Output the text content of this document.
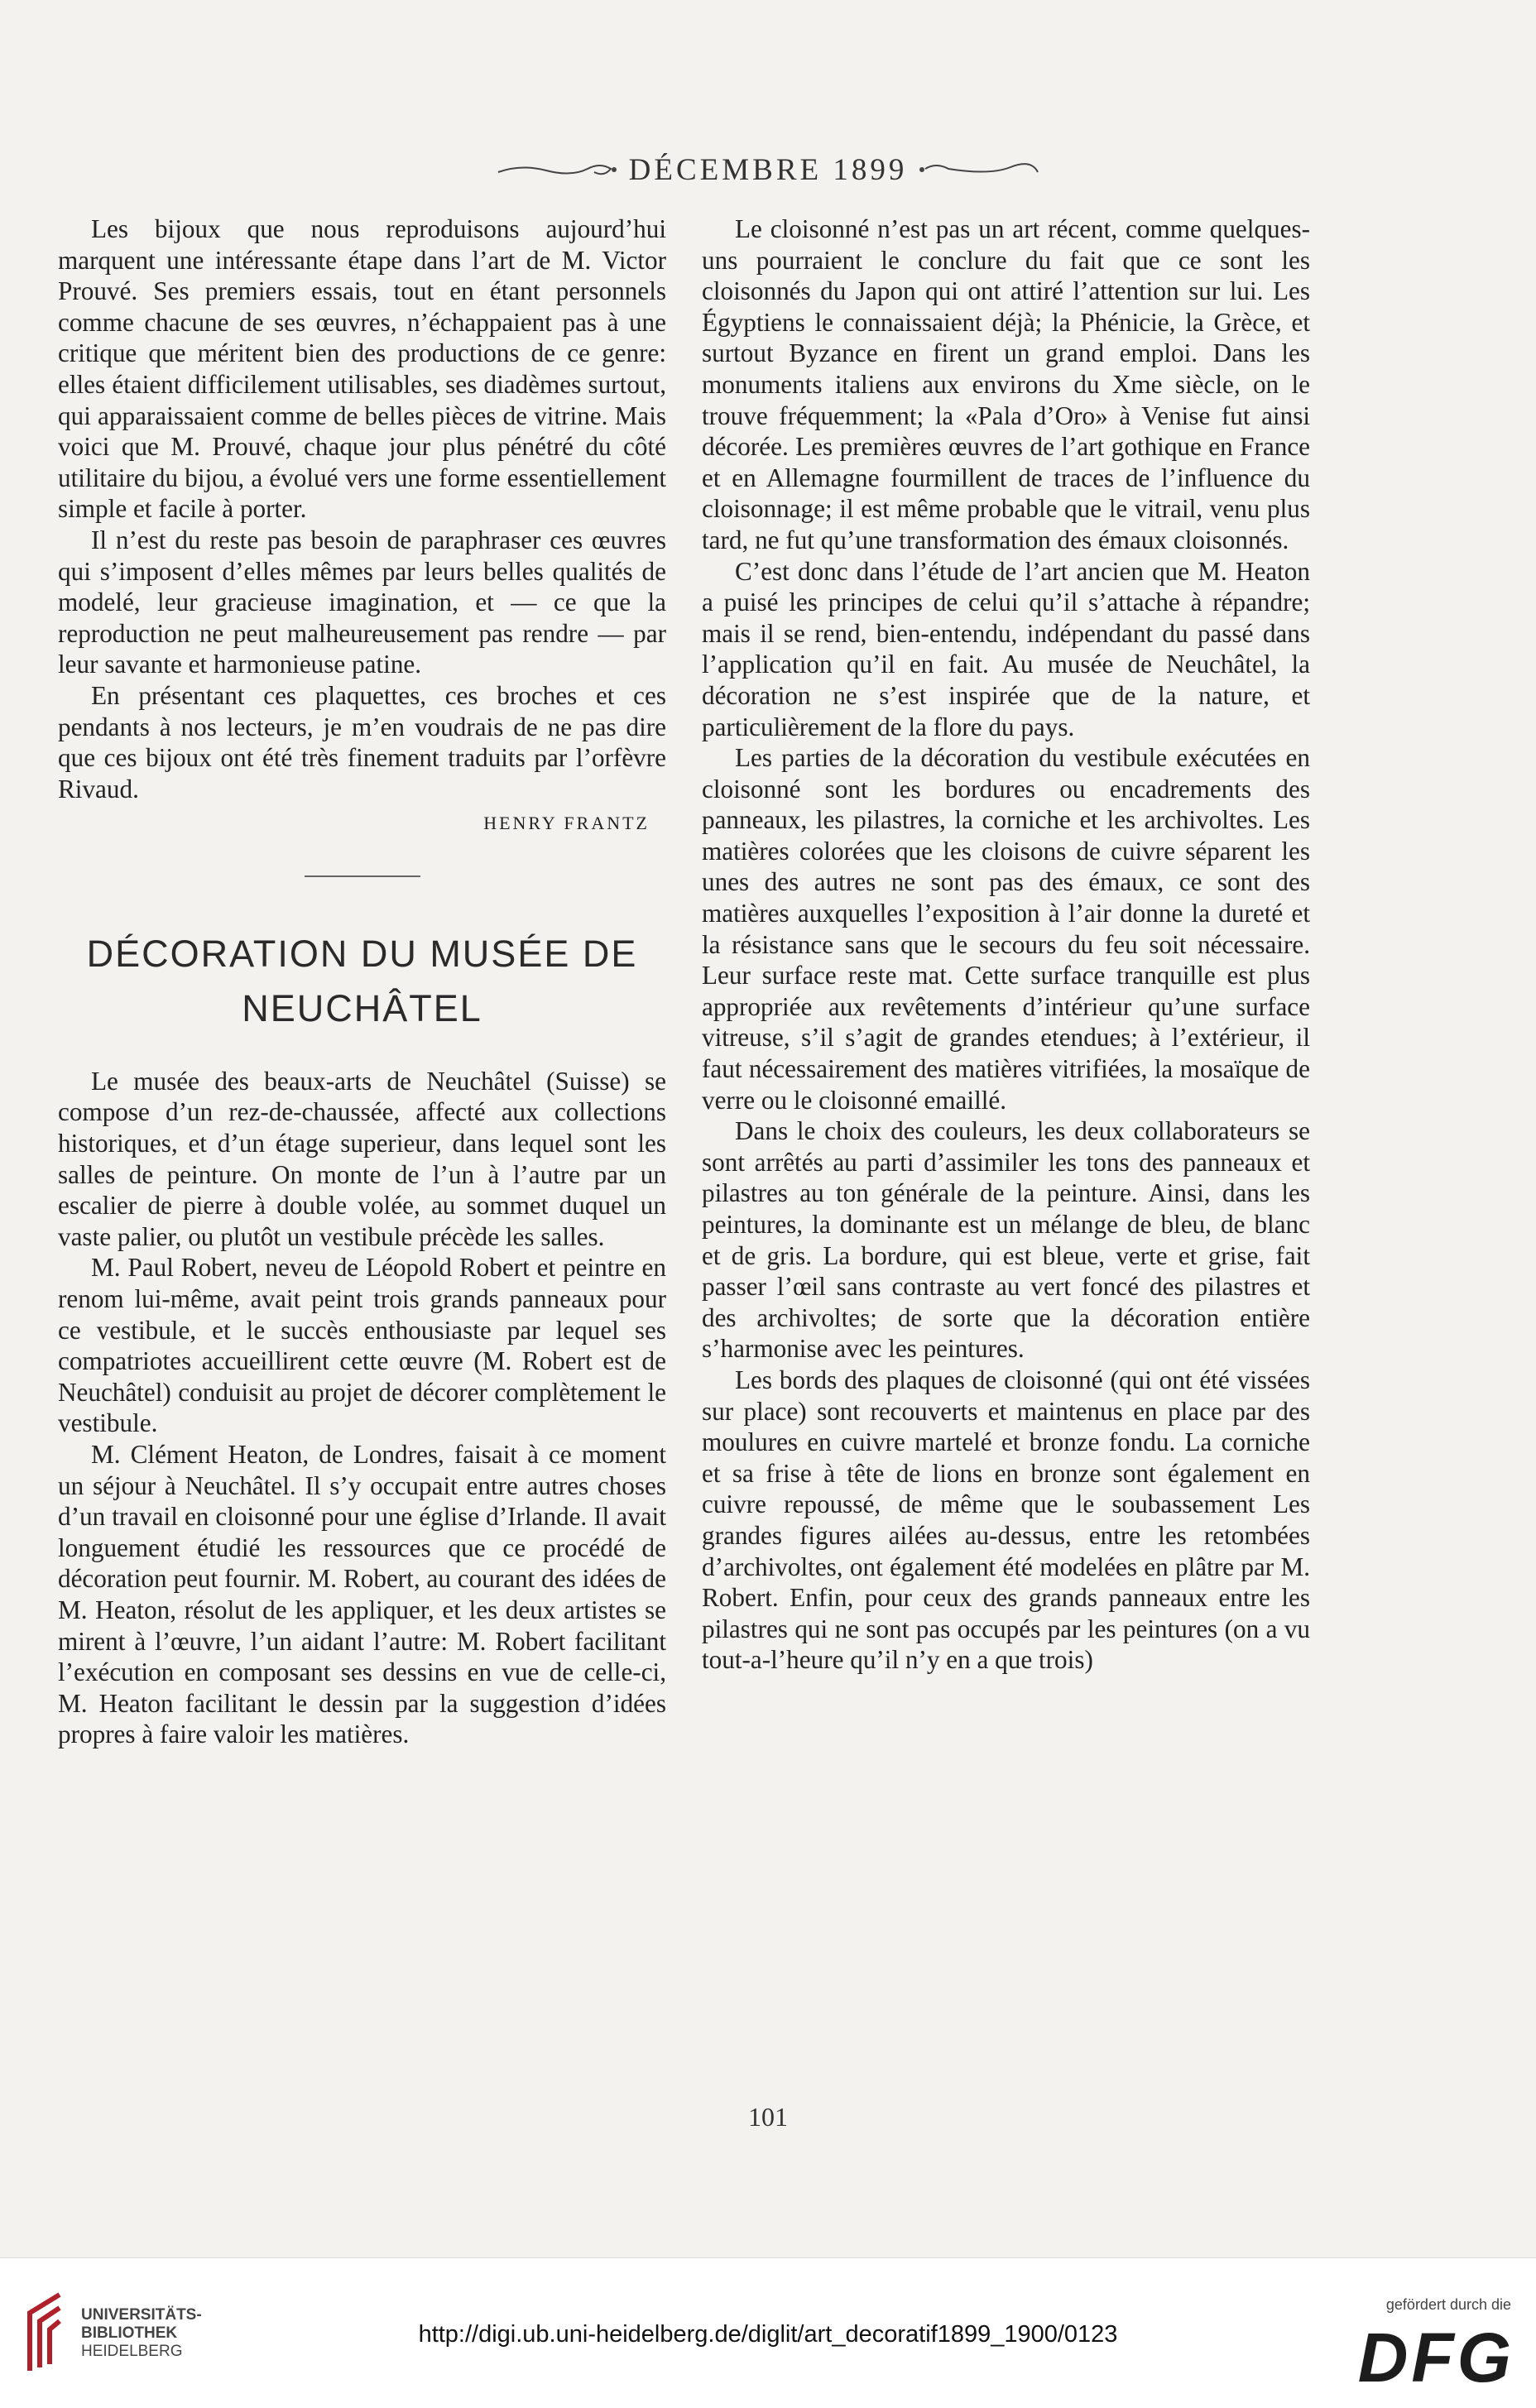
DÉCEMBRE 1899

Les bijoux que nous reproduisons aujourd’hui marquent une intéressante étape dans l’art de M. Victor Prouvé. Ses premiers essais, tout en étant personnels comme chacune de ses œuvres, n’échappaient pas à une critique que méritent bien des productions de ce genre: elles étaient difficilement utilisables, ses diadèmes surtout, qui apparaissaient comme de belles pièces de vitrine. Mais voici que M. Prouvé, chaque jour plus pénétré du côté utilitaire du bijou, a évolué vers une forme essentiellement simple et facile à porter.

Il n’est du reste pas besoin de paraphraser ces œuvres qui s’imposent d’elles mêmes par leurs belles qualités de modelé, leur gracieuse imagination, et — ce que la reproduction ne peut malheureusement pas rendre — par leur savante et harmonieuse patine.

En présentant ces plaquettes, ces broches et ces pendants à nos lecteurs, je m’en voudrais de ne pas dire que ces bijoux ont été très finement traduits par l’orfèvre Rivaud.

HENRY FRANTZ
DÉCORATION DU MUSÉE DE
NEUCHÂTEL

Le musée des beaux-arts de Neuchâtel (Suisse) se compose d’un rez-de-chaussée, affecté aux collections historiques, et d’un étage superieur, dans lequel sont les salles de peinture. On monte de l’un à l’autre par un escalier de pierre à double volée, au sommet duquel un vaste palier, ou plutôt un vestibule précède les salles.

M. Paul Robert, neveu de Léopold Robert et peintre en renom lui-même, avait peint trois grands panneaux pour ce vestibule, et le succès enthousiaste par lequel ses compatriotes accueillirent cette œuvre (M. Robert est de Neuchâtel) conduisit au projet de décorer complètement le vestibule.

M. Clément Heaton, de Londres, faisait à ce moment un séjour à Neuchâtel. Il s’y occupait entre autres choses d’un travail en cloisonné pour une église d’Irlande. Il avait longuement étudié les ressources que ce procédé de décoration peut fournir. M. Robert, au courant des idées de M. Heaton, résolut de les appliquer, et les deux artistes se mirent à l’œuvre, l’un aidant l’autre: M. Robert facilitant l’exécution en composant ses dessins en vue de celle-ci, M. Heaton facilitant le dessin par la suggestion d’idées propres à faire valoir les matières.

Le cloisonné n’est pas un art récent, comme quelques-uns pourraient le conclure du fait que ce sont les cloisonnés du Japon qui ont attiré l’attention sur lui. Les Égyptiens le connaissaient déjà; la Phénicie, la Grèce, et surtout Byzance en firent un grand emploi. Dans les monuments italiens aux environs du Xme siècle, on le trouve fréquemment; la «Pala d’Oro» à Venise fut ainsi décorée. Les premières œuvres de l’art gothique en France et en Allemagne fourmillent de traces de l’influence du cloisonnage; il est même probable que le vitrail, venu plus tard, ne fut qu’une transformation des émaux cloisonnés.

C’est donc dans l’étude de l’art ancien que M. Heaton a puisé les principes de celui qu’il s’attache à répandre; mais il se rend, bien-entendu, indépendant du passé dans l’application qu’il en fait. Au musée de Neuchâtel, la décoration ne s’est inspirée que de la nature, et particulièrement de la flore du pays.

Les parties de la décoration du vestibule exécutées en cloisonné sont les bordures ou encadrements des panneaux, les pilastres, la corniche et les archivoltes. Les matières colorées que les cloisons de cuivre séparent les unes des autres ne sont pas des émaux, ce sont des matières auxquelles l’exposition à l’air donne la dureté et la résistance sans que le secours du feu soit nécessaire. Leur surface reste mat. Cette surface tranquille est plus appropriée aux revêtements d’intérieur qu’une surface vitreuse, s’il s’agit de grandes etendues; à l’extérieur, il faut nécessairement des matières vitrifiées, la mosaïque de verre ou le cloisonné emaillé.

Dans le choix des couleurs, les deux collaborateurs se sont arrêtés au parti d’assimiler les tons des panneaux et pilastres au ton générale de la peinture. Ainsi, dans les peintures, la dominante est un mélange de bleu, de blanc et de gris. La bordure, qui est bleue, verte et grise, fait passer l’œil sans contraste au vert foncé des pilastres et des archivoltes; de sorte que la décoration entière s’harmonise avec les peintures.

Les bords des plaques de cloisonné (qui ont été vissées sur place) sont recouverts et maintenus en place par des moulures en cuivre martelé et bronze fondu. La corniche et sa frise à tête de lions en bronze sont également en cuivre repoussé, de même que le soubassement Les grandes figures ailées au-dessus, entre les retombées d’archivoltes, ont également été modelées en plâtre par M. Robert. Enfin, pour ceux des grands panneaux entre les pilastres qui ne sont pas occupés par les peintures (on a vu tout-a-l’heure qu’il n’y en a que trois)

101
UNIVERSITÄTS-
BIBLIOTHEK
HEIDELBERG
http://digi.ub.uni-heidelberg.de/diglit/art_decoratif1899_1900/0123
gefördert durch die
DFG
